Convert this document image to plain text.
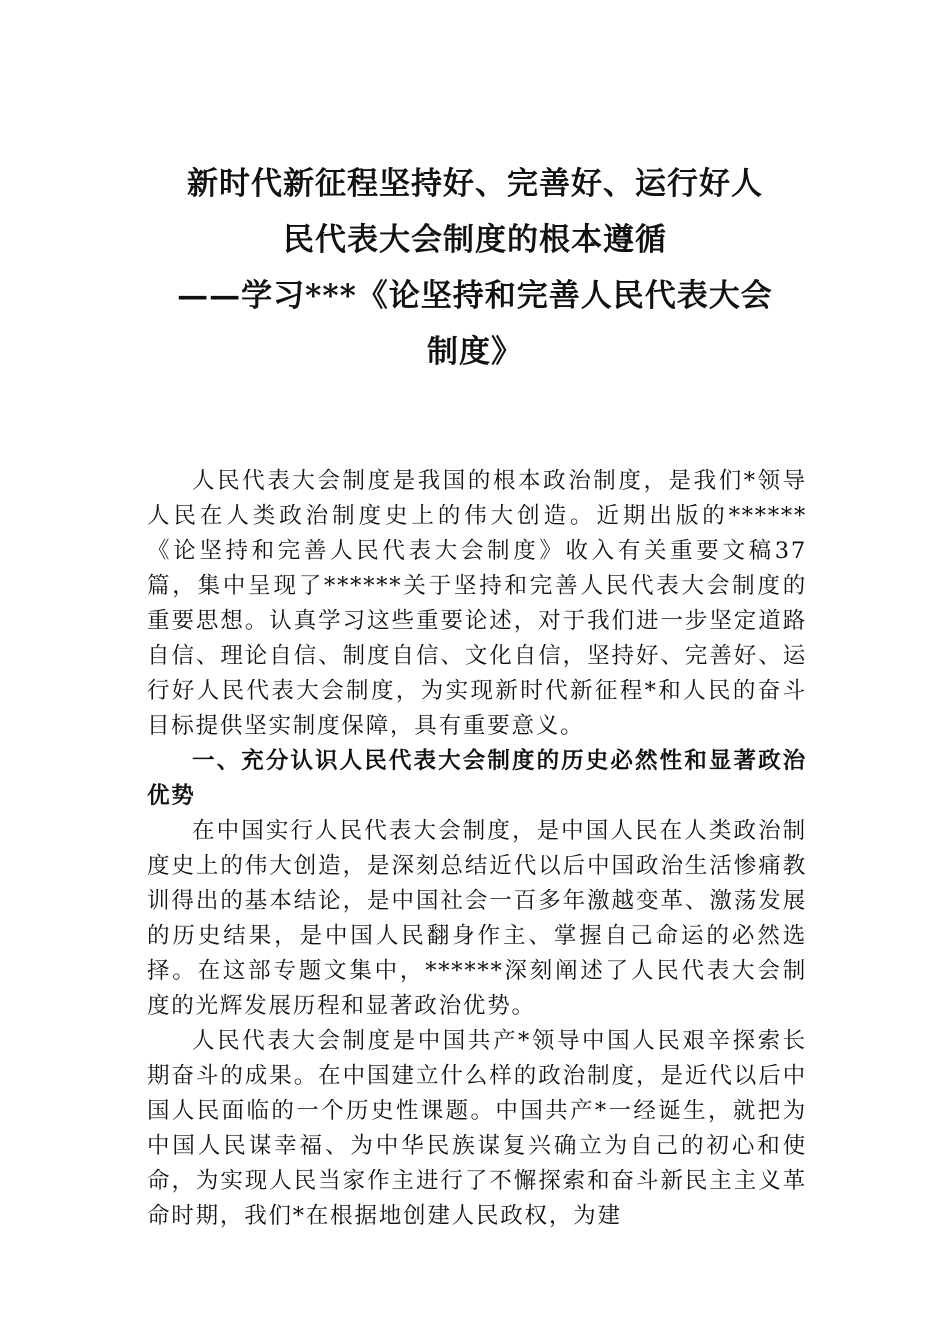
新时代新征程坚持好、完善好、运行好人
民代表大会制度的根本遵循
——学习***《论坚持和完善人民代表大会
制度》

人民代表大会制度是我国的根本政治制度，是我们*领导人民在人类政治制度史上的伟大创造。近期出版的******《论坚持和完善人民代表大会制度》收入有关重要文稿37篇，集中呈现了******关于坚持和完善人民代表大会制度的重要思想。认真学习这些重要论述，对于我们进一步坚定道路自信、理论自信、制度自信、文化自信，坚持好、完善好、运行好人民代表大会制度，为实现新时代新征程*和人民的奋斗目标提供坚实制度保障，具有重要意义。

一、充分认识人民代表大会制度的历史必然性和显著政治优势

在中国实行人民代表大会制度，是中国人民在人类政治制度史上的伟大创造，是深刻总结近代以后中国政治生活惨痛教训得出的基本结论，是中国社会一百多年激越变革、激荡发展的历史结果，是中国人民翻身作主、掌握自己命运的必然选择。在这部专题文集中，******深刻阐述了人民代表大会制度的光辉发展历程和显著政治优势。

人民代表大会制度是中国共产*领导中国人民艰辛探索长期奋斗的成果。在中国建立什么样的政治制度，是近代以后中国人民面临的一个历史性课题。中国共产*一经诞生，就把为中国人民谋幸福、为中华民族谋复兴确立为自己的初心和使命，为实现人民当家作主进行了不懈探索和奋斗新民主主义革命时期，我们*在根据地创建人民政权，为建
